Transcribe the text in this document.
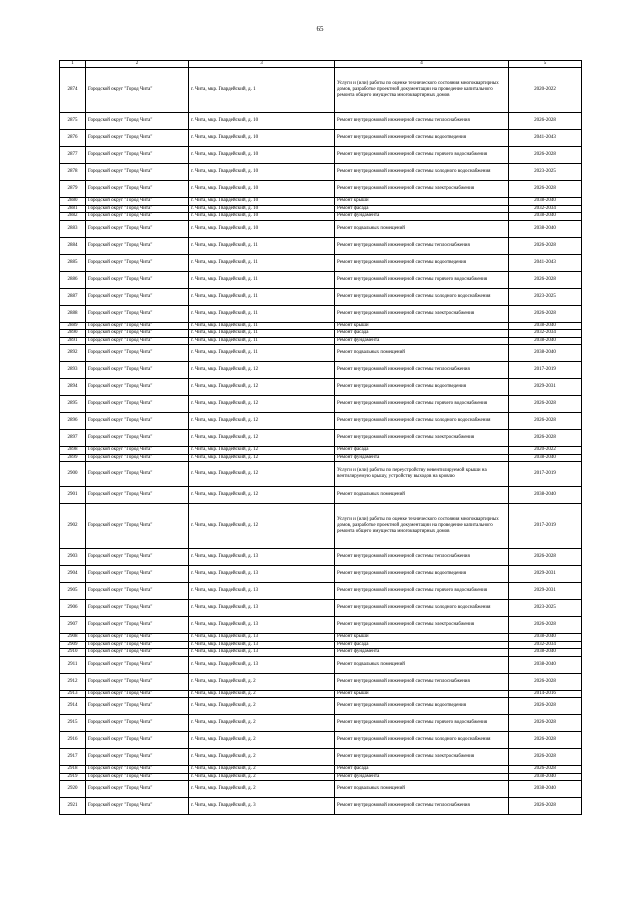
65
1	2	3	4	5
2874	Городской округ "Город Чита"	г. Чита, мкр. Гвардейский, д. 1	Услуги и (или) работы по оценке технического состояния многоквартирных домов, разработке проектной документации на проведение капитального ремонта общего имущества многоквартирных домов	2020-2022
2875	Городской округ "Город Чита"	г. Чита, мкр. Гвардейский, д. 10	Ремонт внутридомовой инженерной системы теплоснабжения	2026-2028
2876	Городской округ "Город Чита"	г. Чита, мкр. Гвардейский, д. 10	Ремонт внутридомовой инженерной системы водоотведения	2041-2043
2877	Городской округ "Город Чита"	г. Чита, мкр. Гвардейский, д. 10	Ремонт внутридомовой инженерной системы горячего водоснабжения	2026-2028
2878	Городской округ "Город Чита"	г. Чита, мкр. Гвардейский, д. 10	Ремонт внутридомовой инженерной системы холодного водоснабжения	2023-2025
2879	Городской округ "Город Чита"	г. Чита, мкр. Гвардейский, д. 10	Ремонт внутридомовой инженерной системы электроснабжения	2026-2028
2880	Городской округ "Город Чита"	г. Чита, мкр. Гвардейский, д. 10	Ремонт крыши	2038-2040
2881	Городской округ "Город Чита"	г. Чита, мкр. Гвардейский, д. 10	Ремонт фасада	2032-2034
2882	Городской округ "Город Чита"	г. Чита, мкр. Гвардейский, д. 10	Ремонт фундамента	2038-2040
2883	Городской округ "Город Чита"	г. Чита, мкр. Гвардейский, д. 10	Ремонт подвальных помещений	2038-2040
2884	Городской округ "Город Чита"	г. Чита, мкр. Гвардейский, д. 11	Ремонт внутридомовой инженерной системы теплоснабжения	2026-2028
2885	Городской округ "Город Чита"	г. Чита, мкр. Гвардейский, д. 11	Ремонт внутридомовой инженерной системы водоотведения	2041-2043
2886	Городской округ "Город Чита"	г. Чита, мкр. Гвардейский, д. 11	Ремонт внутридомовой инженерной системы горячего водоснабжения	2026-2028
2887	Городской округ "Город Чита"	г. Чита, мкр. Гвардейский, д. 11	Ремонт внутридомовой инженерной системы холодного водоснабжения	2023-2025
2888	Городской округ "Город Чита"	г. Чита, мкр. Гвардейский, д. 11	Ремонт внутридомовой инженерной системы электроснабжения	2026-2028
2889	Городской округ "Город Чита"	г. Чита, мкр. Гвардейский, д. 11	Ремонт крыши	2038-2040
2890	Городской округ "Город Чита"	г. Чита, мкр. Гвардейский, д. 11	Ремонт фасада	2032-2034
2891	Городской округ "Город Чита"	г. Чита, мкр. Гвардейский, д. 11	Ремонт фундамента	2038-2040
2892	Городской округ "Город Чита"	г. Чита, мкр. Гвардейский, д. 11	Ремонт подвальных помещений	2038-2040
2893	Городской округ "Город Чита"	г. Чита, мкр. Гвардейский, д. 12	Ремонт внутридомовой инженерной системы теплоснабжения	2017-2019
2894	Городской округ "Город Чита"	г. Чита, мкр. Гвардейский, д. 12	Ремонт внутридомовой инженерной системы водоотведения	2029-2031
2895	Городской округ "Город Чита"	г. Чита, мкр. Гвардейский, д. 12	Ремонт внутридомовой инженерной системы горячего водоснабжения	2026-2028
2896	Городской округ "Город Чита"	г. Чита, мкр. Гвардейский, д. 12	Ремонт внутридомовой инженерной системы холодного водоснабжения	2026-2028
2897	Городской округ "Город Чита"	г. Чита, мкр. Гвардейский, д. 12	Ремонт внутридомовой инженерной системы электроснабжения	2026-2028
2898	Городской округ "Город Чита"	г. Чита, мкр. Гвардейский, д. 12	Ремонт фасада	2020-2022
2899	Городской округ "Город Чита"	г. Чита, мкр. Гвардейский, д. 12	Ремонт фундамента	2038-2040
2900	Городской округ "Город Чита"	г. Чита, мкр. Гвардейский, д. 12	Услуги и (или) работы по переустройству невентилируемой крыши на вентилируемую крышу, устройству выходов на кровлю	2017-2019
2901	Городской округ "Город Чита"	г. Чита, мкр. Гвардейский, д. 12	Ремонт подвальных помещений	2038-2040
2902	Городской округ "Город Чита"	г. Чита, мкр. Гвардейский, д. 12	Услуги и (или) работы по оценке технического состояния многоквартирных домов, разработке проектной документации на проведение капитального ремонта общего имущества многоквартирных домов	2017-2019
2903	Городской округ "Город Чита"	г. Чита, мкр. Гвардейский, д. 13	Ремонт внутридомовой инженерной системы теплоснабжения	2026-2028
2904	Городской округ "Город Чита"	г. Чита, мкр. Гвардейский, д. 13	Ремонт внутридомовой инженерной системы водоотведения	2029-2031
2905	Городской округ "Город Чита"	г. Чита, мкр. Гвардейский, д. 13	Ремонт внутридомовой инженерной системы горячего водоснабжения	2029-2031
2906	Городской округ "Город Чита"	г. Чита, мкр. Гвардейский, д. 13	Ремонт внутридомовой инженерной системы холодного водоснабжения	2023-2025
2907	Городской округ "Город Чита"	г. Чита, мкр. Гвардейский, д. 13	Ремонт внутридомовой инженерной системы электроснабжения	2026-2028
2908	Городской округ "Город Чита"	г. Чита, мкр. Гвардейский, д. 13	Ремонт крыши	2038-2040
2909	Городской округ "Город Чита"	г. Чита, мкр. Гвардейский, д. 13	Ремонт фасада	2032-2034
2910	Городской округ "Город Чита"	г. Чита, мкр. Гвардейский, д. 13	Ремонт фундамента	2038-2040
2911	Городской округ "Город Чита"	г. Чита, мкр. Гвардейский, д. 13	Ремонт подвальных помещений	2038-2040
2912	Городской округ "Город Чита"	г. Чита, мкр. Гвардейский, д. 2	Ремонт внутридомовой инженерной системы теплоснабжения	2026-2028
2913	Городской округ "Город Чита"	г. Чита, мкр. Гвардейский, д. 2	Ремонт крыши	2014-2016
2914	Городской округ "Город Чита"	г. Чита, мкр. Гвардейский, д. 2	Ремонт внутридомовой инженерной системы водоотведения	2026-2028
2915	Городской округ "Город Чита"	г. Чита, мкр. Гвардейский, д. 2	Ремонт внутридомовой инженерной системы горячего водоснабжения	2026-2028
2916	Городской округ "Город Чита"	г. Чита, мкр. Гвардейский, д. 2	Ремонт внутридомовой инженерной системы холодного водоснабжения	2026-2028
2917	Городской округ "Город Чита"	г. Чита, мкр. Гвардейский, д. 2	Ремонт внутридомовой инженерной системы электроснабжения	2026-2028
2918	Городской округ "Город Чита"	г. Чита, мкр. Гвардейский, д. 2	Ремонт фасада	2026-2028
2919	Городской округ "Город Чита"	г. Чита, мкр. Гвардейский, д. 2	Ремонт фундамента	2038-2040
2920	Городской округ "Город Чита"	г. Чита, мкр. Гвардейский, д. 2	Ремонт подвальных помещений	2038-2040
2921	Городской округ "Город Чита"	г. Чита, мкр. Гвардейский, д. 3	Ремонт внутридомовой инженерной системы теплоснабжения	2026-2028
